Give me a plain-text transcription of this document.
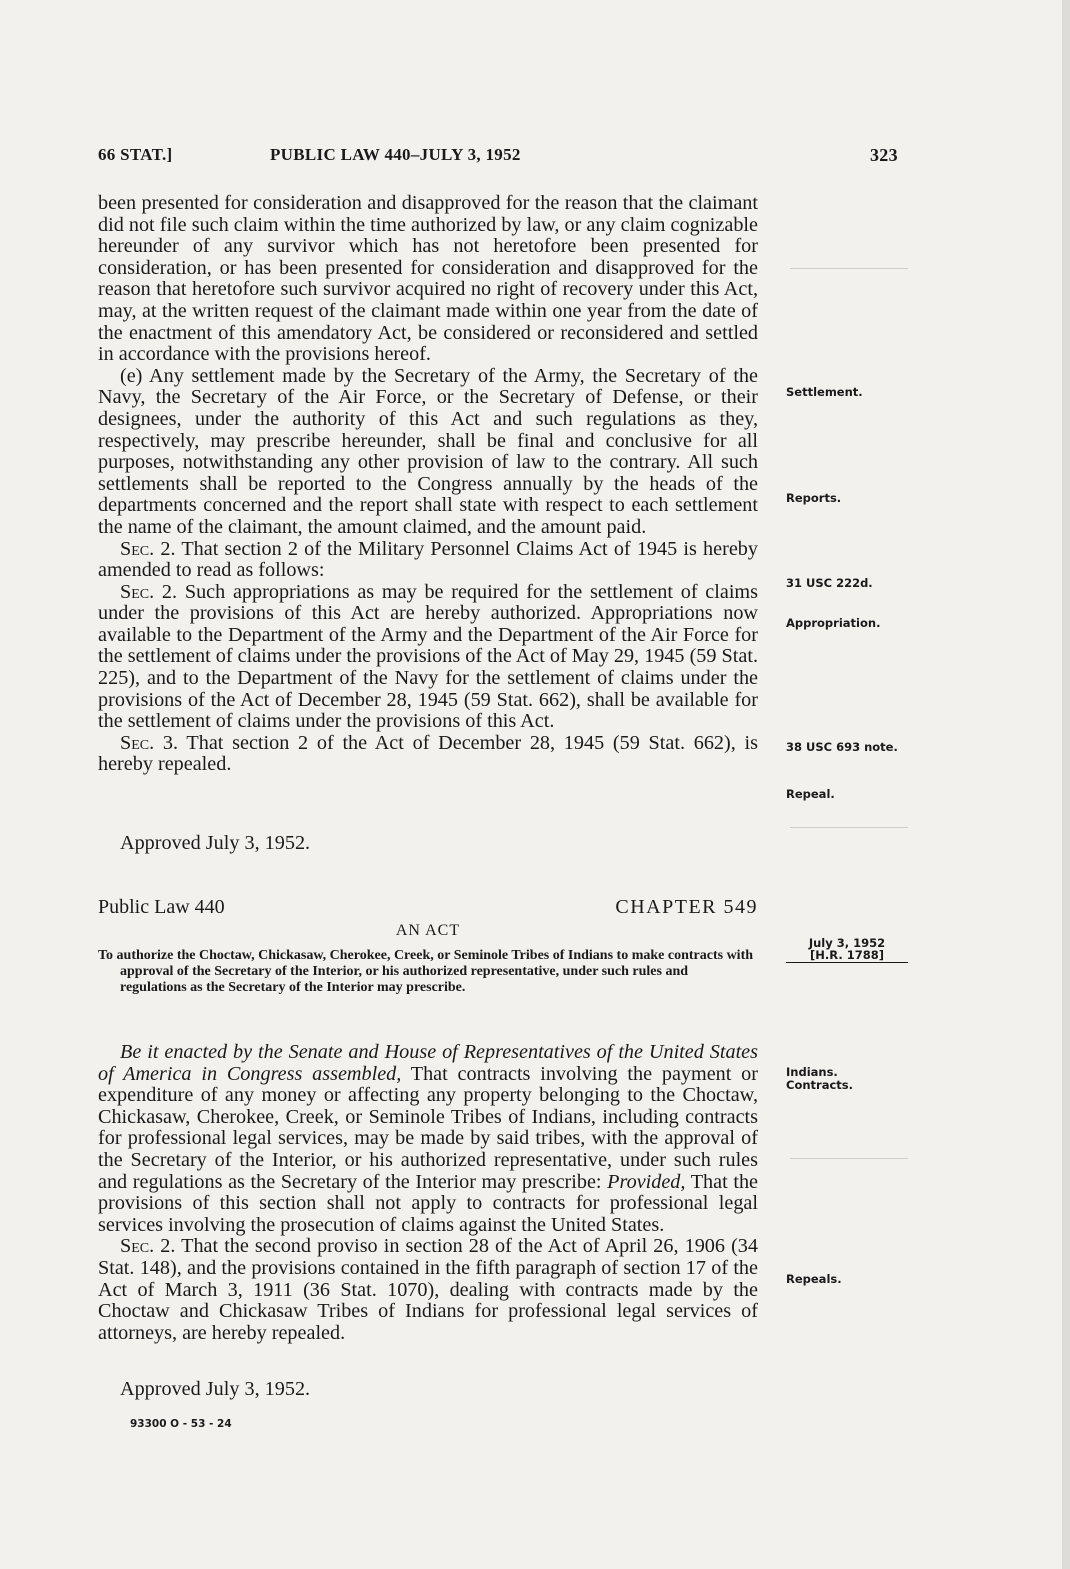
66 STAT.]	PUBLIC LAW 440–JULY 3, 1952	323

been presented for consideration and disapproved for the reason that the claimant did not file such claim within the time authorized by law, or any claim cognizable hereunder of any survivor which has not heretofore been presented for consideration, or has been presented for consideration and disapproved for the reason that heretofore such survivor acquired no right of recovery under this Act, may, at the written request of the claimant made within one year from the date of the enactment of this amendatory Act, be considered or reconsidered and settled in accordance with the provisions hereof.

(e) Any settlement made by the Secretary of the Army, the Secretary of the Navy, the Secretary of the Air Force, or the Secretary of Defense, or their designees, under the authority of this Act and such regulations as they, respectively, may prescribe hereunder, shall be final and conclusive for all purposes, notwithstanding any other provision of law to the contrary. All such settlements shall be reported to the Congress annually by the heads of the departments concerned and the report shall state with respect to each settlement the name of the claimant, the amount claimed, and the amount paid.

Sec. 2. That section 2 of the Military Personnel Claims Act of 1945 is hereby amended to read as follows:

Sec. 2. Such appropriations as may be required for the settlement of claims under the provisions of this Act are hereby authorized. Appropriations now available to the Department of the Army and the Department of the Air Force for the settlement of claims under the provisions of the Act of May 29, 1945 (59 Stat. 225), and to the Department of the Navy for the settlement of claims under the provisions of the Act of December 28, 1945 (59 Stat. 662), shall be available for the settlement of claims under the provisions of this Act.

Sec. 3. That section 2 of the Act of December 28, 1945 (59 Stat. 662), is hereby repealed.

Approved July 3, 1952.
Settlement.
Reports.
31 USC 222d.
Appropriation.
38 USC 693 note.
Repeal.
Indians. Contracts.
Repeals.
Public Law 440	CHAPTER 549
AN ACT
To authorize the Choctaw, Chickasaw, Cherokee, Creek, or Seminole Tribes of Indians to make contracts with approval of the Secretary of the Interior, or his authorized representative, under such rules and regulations as the Secretary of the Interior may prescribe.
July 3, 1952
[H.R. 1788]

Be it enacted by the Senate and House of Representatives of the United States of America in Congress assembled, That contracts involving the payment or expenditure of any money or affecting any property belonging to the Choctaw, Chickasaw, Cherokee, Creek, or Seminole Tribes of Indians, including contracts for professional legal services, may be made by said tribes, with the approval of the Secretary of the Interior, or his authorized representative, under such rules and regulations as the Secretary of the Interior may prescribe: Provided, That the provisions of this section shall not apply to contracts for professional legal services involving the prosecution of claims against the United States.

Sec. 2. That the second proviso in section 28 of the Act of April 26, 1906 (34 Stat. 148), and the provisions contained in the fifth paragraph of section 17 of the Act of March 3, 1911 (36 Stat. 1070), dealing with contracts made by the Choctaw and Chickasaw Tribes of Indians for professional legal services of attorneys, are hereby repealed.

Approved July 3, 1952.
93300 O - 53 - 24
